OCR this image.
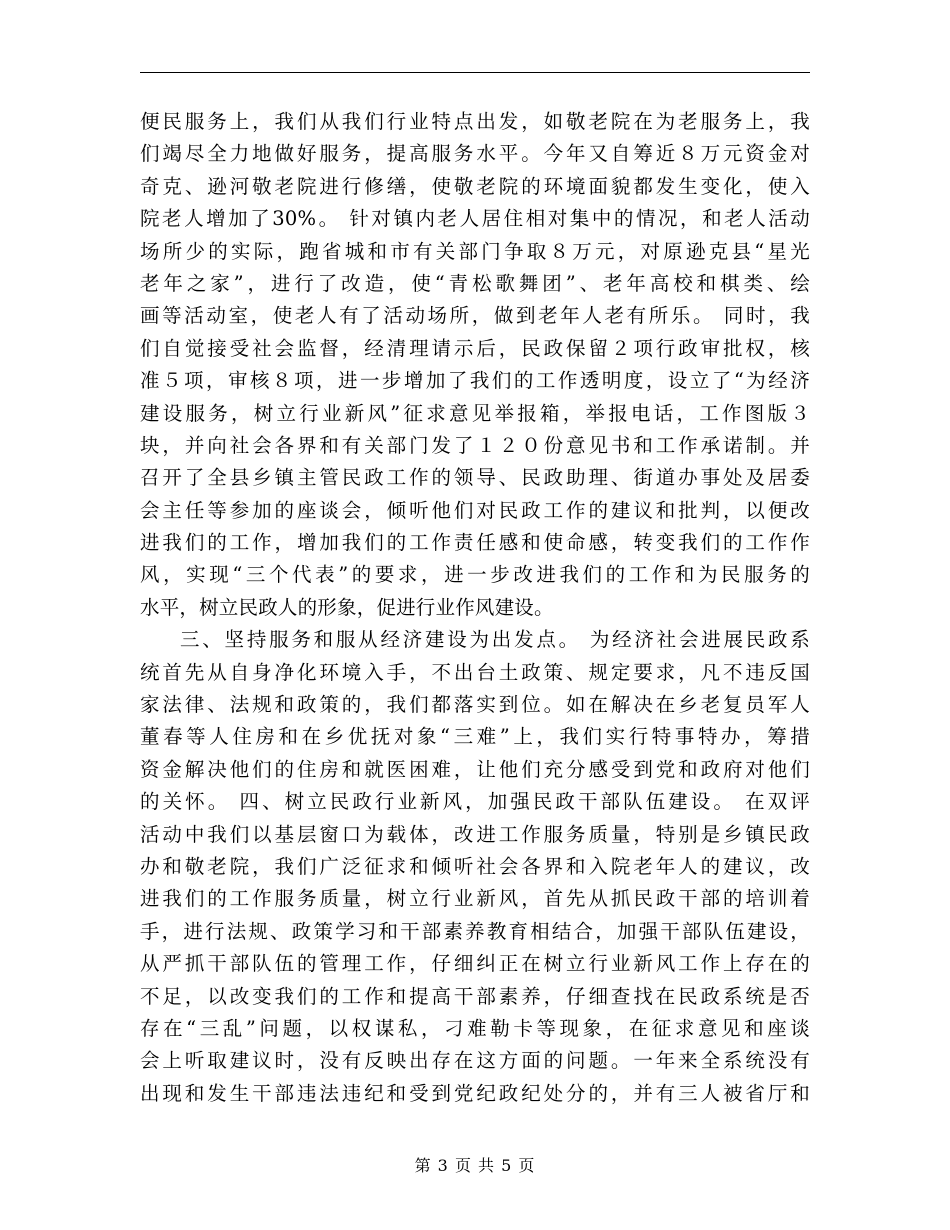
便民服务上，我们从我们行业特点出发，如敬老院在为老服务上，我
们竭尽全力地做好服务，提高服务水平。今年又自筹近８万元资金对
奇克、逊河敬老院进行修缮，使敬老院的环境面貌都发生变化，使入
院老人增加了30%。 针对镇内老人居住相对集中的情况，和老人活动
场所少的实际，跑省城和市有关部门争取８万元，对原逊克县“星光
老年之家”，进行了改造，使“青松歌舞团”、老年高校和棋类、绘
画等活动室，使老人有了活动场所，做到老年人老有所乐。 同时，我
们自觉接受社会监督，经清理请示后，民政保留２项行政审批权，核
准５项，审核８项，进一步增加了我们的工作透明度，设立了“为经济
建设服务，树立行业新风”征求意见举报箱，举报电话，工作图版３
块，并向社会各界和有关部门发了１２０份意见书和工作承诺制。并
召开了全县乡镇主管民政工作的领导、民政助理、街道办事处及居委
会主任等参加的座谈会，倾听他们对民政工作的建议和批判，以便改
进我们的工作，增加我们的工作责任感和使命感，转变我们的工作作
风，实现“三个代表”的要求，进一步改进我们的工作和为民服务的
水平，树立民政人的形象，促进行业作风建设。
三、坚持服务和服从经济建设为出发点。 为经济社会进展民政系
统首先从自身净化环境入手，不出台土政策、规定要求，凡不违反国
家法律、法规和政策的，我们都落实到位。如在解决在乡老复员军人
董春等人住房和在乡优抚对象“三难”上，我们实行特事特办，筹措
资金解决他们的住房和就医困难，让他们充分感受到党和政府对他们
的关怀。 四、树立民政行业新风，加强民政干部队伍建设。 在双评
活动中我们以基层窗口为载体，改进工作服务质量，特别是乡镇民政
办和敬老院，我们广泛征求和倾听社会各界和入院老年人的建议，改
进我们的工作服务质量，树立行业新风，首先从抓民政干部的培训着
手，进行法规、政策学习和干部素养教育相结合，加强干部队伍建设，
从严抓干部队伍的管理工作，仔细纠正在树立行业新风工作上存在的
不足，以改变我们的工作和提高干部素养，仔细查找在民政系统是否
存在“三乱”问题，以权谋私，刁难勒卡等现象，在征求意见和座谈
会上听取建议时，没有反映出存在这方面的问题。一年来全系统没有
出现和发生干部违法违纪和受到党纪政纪处分的，并有三人被省厅和
第 3 页 共 5 页
